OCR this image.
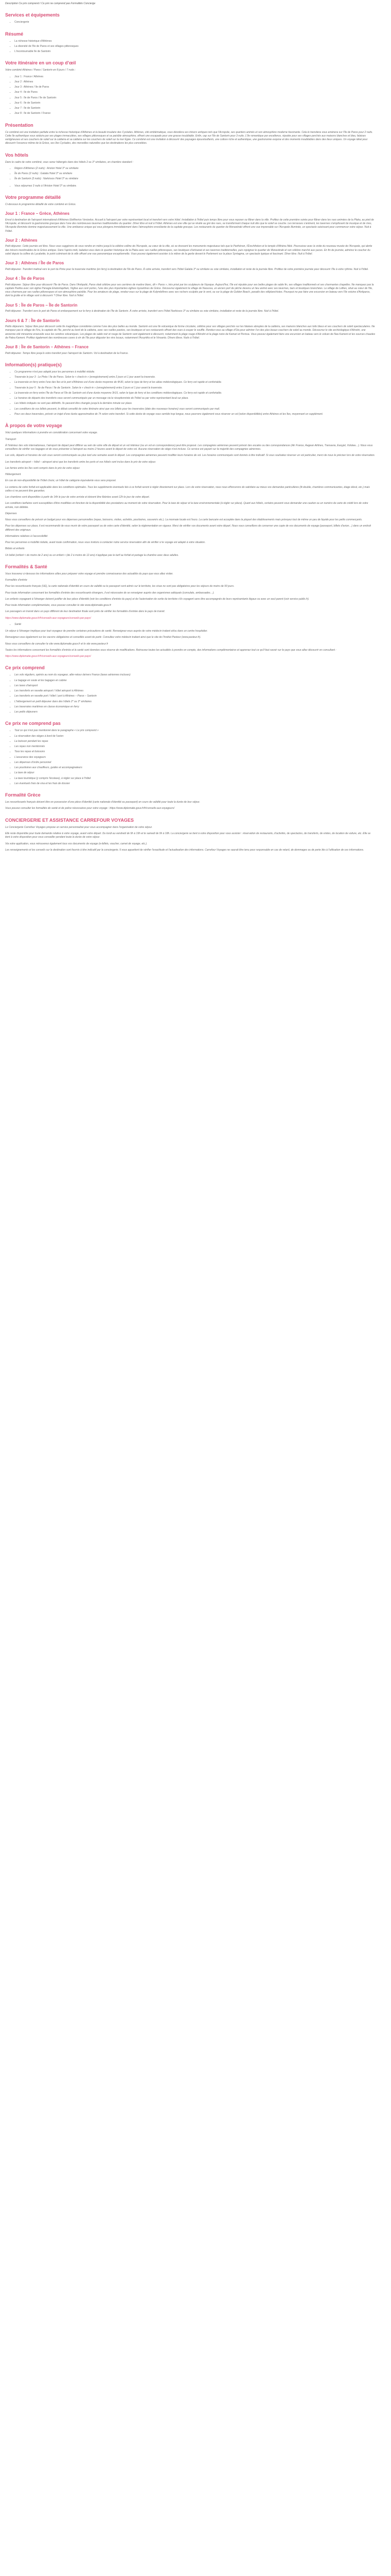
Description Ce prix comprend / Ce prix ne comprend pas Formalités Concierge

Services et équipements
• Conciergerie
Résumé
• La richesse historique d'Athènes
• La diversité de l'île de Paros et ses villages pittoresques
• L'incontournable île de Santorin
Votre itinéraire en un coup d'œil

Votre combiné Athènes / Paros / Santorin en 8 jours / 7 nuits :

• Jour 1 : France / Athènes
• Jour 2 : Athènes
• Jour 3 : Athènes / île de Paros
• Jour 4 : île de Paros
• Jour 5 : île de Paros / île de Santorin
• Jour 6 : île de Santorin
• Jour 7 : île de Santorin
• Jour 8 : île de Santorin / France
Présentation

Ce combiné est une invitation parfaite entre la richesse historique d'Athènes et la beauté insulaire des Cyclades. Athènes, cité emblématique, vous dévoilera ses trésors antiques tels que l'Acropole, ses quartiers animés et son atmosphère moderne fascinante. Cela le transitera vous amènera sur l'île de Paros pour 2 nuits. Cette île authentique vous séduira par ses plages immaculées, ses villages pittoresques et sa paisible atmosphère, offrant une escapade pour une grasse inoubliable. Enfin, cap sur l'île de Santorin pour 3 nuits. L'île romantique par excellence, réputée pour ses villages perchés aux maisons blanches et bleu, falaises vertigineuses et ses couchers de soleil sur la caldeira et sa caldeira sur les couchers de soleil sur la mer Égée. Ce combiné est une invitation à découvrir des paysages époustouflants, une culture riche et authentique, une gastronomie exquise et des moments inoubliables dans des lieux uniques. Un voyage idéal pour découvrir l'essence même de la Grèce, ses îles Cyclades, des merveilles naturelles que les destinations les plus convoitées.

Vos hôtels

Dans le cadre de votre combiné, vous serez hébergés dans des hôtels 2 ou 3* similaires, en chambre standard :

• Région d'Athènes (2 nuits) : Ariston Hotel 3* ou similaire
• Île de Paros (2 nuits) : Galatia Hotel 3* ou similaire
• Île de Santorin (3 nuits) : Narkissos Hotel 3* ou similaire
• Vous séjournez 3 nuits à l'Ariston Hotel 3* ou similaire.
Votre programme détaillé

Ci-dessous le programme détaillé de votre combiné en Grèce.

Jour 1 : France – Grèce, Athènes

Envol à destination de l'aéroport international d'Athènes Eleftherios Venizelos. Accueil à l'aéroport par votre représentant local et transfert vers votre hôtel. Installation à l'hôtel puis temps libre pour vous reposer ou flâner dans la ville. Profitez de cette première soirée pour flâner dans les rues animées de la Plaka, au pied de l'Acropole, et découvrir la gastronomie grecque dans l'une des nombreuses tavernes traditionnelles du quartier. Dîner libre et nuit à l'hôtel. Athènes est une ville qui se révèle au gré des rues, se transformant chaque nuit dès que le soleil se couche. Les terrasses s'animent, les tavernes s'emplissent de musique et de rires, l'Acropole illuminée domine majestueusement la ville. Une ambiance unique qui vous plongera immédiatement dans l'atmosphère envoûtante de la capitale grecque. Les restaurants du quartier de Monastiraki offrent une vue imprenable sur l'Acropole illuminée, un spectacle saisissant pour commencer votre séjour. Nuit à l'hôtel.

Jour 2 : Athènes

Petit déjeuner. Cette journée est libre. Nous vous suggérons de vous rendre en métro jusqu'à la célèbre colline de l'Acropole, au cœur de la ville, où se dressent les monuments majestueux tels que le Parthénon, l'Érechthéion et le temple d'Athéna Niké. Poursuivez avec la visite du nouveau musée de l'Acropole, qui abrite des trésors inestimables de la Grèce antique. Dans l'après-midi, baladez-vous dans le quartier historique de la Plaka avec ses ruelles pittoresques, ses boutiques d'artisanat et ses tavernes traditionnelles, puis rejoignez le quartier de Monastiraki et son célèbre marché aux puces. En fin de journée, admirez le coucher du soleil depuis la colline du Lycabette, le point culminant de la ville offrant une vue panoramique exceptionnelle. Vous pouvez également assister à la relève de la garde devant le Parlement sur la place Syntagma, un spectacle typique et fascinant. Dîner libre. Nuit à l'hôtel.

Jour 3 : Athènes / Île de Paros

Petit déjeuner. Transfert matinal vers le port du Pirée pour la traversée maritime (en ferry) à destination de l'île de Paros. À votre arrivée, transfert vers l'hôtel Galatia 3* ou similaire ou voie similaire, installation et reste de la journée libre. Profitez de votre première journée pour découvrir l'île à votre rythme. Nuit à l'hôtel.

Jour 4 : Île de Paros

Petit déjeuner. Séjour libre pour découvrir l'île de Paros. Dans l'Antiquité, Paros était célèbre pour ses carrières de marbre blanc, dit « Paros », très prisé par les sculpteurs de l'époque. Aujourd'hui, l'île est réputée pour ses belles plages de sable fin, ses villages traditionnels et ses charmantes chapelles. Ne manquez pas la capitale Parikia avec son église Panagia Ekatontapiliani, l'église aux cent portes, l'une des plus importantes églises byzantines de Grèce. Découvrez également le village de Naoussa, un ancien port de pêche devenu un lieu animé avec ses tavernes, bars et boutiques branchées. Le village de Lefkes, situé au cœur de l'île, vous charmera par ses ruelles pittoresques et son atmosphère paisible. Pour les amateurs de plage, rendez-vous sur la plage de Kolymbithres avec ses rochers sculptés par le vent, ou sur la plage de Golden Beach, paradis des véliplanchistes. Pourquoi ne pas faire une excursion en bateau vers l'île voisine d'Antiparos, dont la grotte et le village sont à découvrir ? Dîner libre. Nuit à l'hôtel.

Jour 5 : Île de Paros – Île de Santorin

Petit déjeuner. Transfert vers le port de Paros et embarquement sur le ferry à destination de l'île de Santorin. À votre arrivée, transfert vers l'hôtel Narkissos 3* ou similaire ou voie similaire, installation et reste de la journée libre. Nuit à l'hôtel.

Jours 6 & 7 : Île de Santorin

Petits déjeuners. Séjour libre pour découvrir cette île magnifique considérée comme l'une des plus belles au monde. Santorin est une île volcanique de forme circulaire, célèbre pour ses villages perchés sur les falaises abruptes de la caldeira, ses maisons blanches aux toits bleus et ses couchers de soleil spectaculaires. Ne manquez pas le village de Fira, la capitale de l'île, perché au bord de la caldeira, avec ses ruelles pavées, ses boutiques et ses restaurants offrant des vues à couper le souffle. Rendez-vous au village d'Oia pour admirer l'un des plus beaux couchers de soleil au monde. Découvrez le site archéologique d'Akrotiri, une ancienne cité minoenne ensevelie sous les cendres volcaniques. Les plages de sable noir et rouge de Santorin sont également à découvrir, notamment la plage rouge d'Akrotiri et la plage noire de Kamari et Perissa. Vous pouvez également faire une excursion en bateau vers le volcan de Nea Kameni et les sources chaudes de Palea Kameni. Profitez également des nombreuses caves à vin de l'île pour déguster les vins locaux, notamment l'Assyrtiko et le Vinsanto. Dîners libres. Nuits à l'hôtel.

Jour 8 : Île de Santorin – Athènes – France

Petit déjeuner. Temps libre jusqu'à votre transfert pour l'aéroport de Santorin. Vol à destination de la France.

Information(s) pratique(s)
• Ce programme n'est pas adapté pour les personnes à mobilité réduite.
• Traversée le jour 3 : Le Pirée / île de Paros. Selon le « check-in » (enregistrement) entre 2 jours et 1 jour avant la traversée.
• La traversée en ferry entre l'une des îles et le port d'Athènes est d'une durée moyenne de 4h30, selon le type de ferry et les aléas météorologiques. Ce ferry est rapide et confortable.
• Traversée le jour 5 : île de Paros / île de Santorin. Selon le « check-in » (enregistrement) entre 2 jours et 1 jour avant la traversée.
• La traversée en ferry entre l'île de Paros et l'île de Santorin est d'une durée moyenne 3h15, selon le type de ferry et les conditions météorologiques. Ce ferry est rapide et confortable.
• Le horaires de départs des transferts vous seront communiqués par un message via le réceptionniste de l'hôtel ou par votre représentant local sur place.
• Les hôtels indiqués ne sont pas définitifs. Ils peuvent être changés jusqu'à la dernière minute sur place.
• Les conditions de vos billets peuvent, le débat conseillé de votre itinéraire ainsi que vos billets pour les traversées (date des nouveaux horaires) vous seront communiqués par mail.
• Pour ces deux traversées, prévoir un trajet d'une durée approximative de 7h selon votre transfert. Si cette durée de voyage vous semble trop longue, nous pourrons également vous réserver un vol (selon disponibilités) entre Athènes et les îles, moyennant un supplément.
À propos de votre voyage

Voici quelques informations à prendre en considération concernant votre voyage.

Transport

À l'intérieur des vols internationaux, l'aéroport de départ peut différer au sein de votre ville de départ et un vol intérieur (ou un vol en correspondance) peut être proposé. Les compagnies aériennes peuvent prévoir des escales ou des correspondances (Air France, Aegean Airlines, Transavia, Easyjet, Volotea…). Nous vous conseillons de vérifier vos bagages et de vous présenter à l'aéroport au moins 2 heures avant le départ de votre vol. Aucune réservation de siège n'est incluse. Ce service est payant sur la majorité des compagnies aériennes.

Les vols, départs et horaires de vols vous seront communiqués au plus tard une semaine avant le départ. Les compagnies aériennes peuvent modifier leurs horaires de vol. Les horaires communiqués sont donnés à titre indicatif. Si vous souhaitez réserver un vol particulier, merci de nous le préciser lors de votre réservation.

Les transferts aéroport – hôtel – aéroport ainsi que les transferts entre les ports et vos hôtels sont inclus dans le prix de votre séjour.

Les ferries entre les îles sont compris dans le prix de votre séjour.

Hébergement

En cas de non-disponibilité de l'hôtel choisi, un hôtel de catégorie équivalente vous sera proposé.

Le contenu de votre forfait est applicable dans les conditions optimales. Tous les suppléments éventuels liés à ce forfait seront à régler directement sur place. Lors de votre réservation, nous nous efforcerons de satisfaire au mieux vos demandes particulières (lit double, chambres communicantes, étage élevé, etc.) mais celles-ci ne peuvent être garanties.

Les chambres sont disponibles à partir de 14h le jour de votre arrivée et doivent être libérées avant 12h le jour de votre départ.

Les conditions tarifaires sont susceptibles d'être modifiées en fonction de la disponibilité des prestations au moment de votre réservation. Pour la taxe de séjour et la taxe environnementale (à régler sur place). Quant aux hôtels, certains peuvent vous demander une caution ou un numéro de carte de crédit lors de votre arrivée, non débitée.

Dépenses

Nous vous conseillons de prévoir un budget pour vos dépenses personnelles (repas, boissons, visites, activités, pourboires, souvenirs etc.). La monnaie locale est l'euro. La carte bancaire est acceptée dans la plupart des établissements mais prévoyez tout de même un peu de liquide pour les petits commerçants.

Pour les dépenses sur place, il est recommandé de vous munir de votre passeport ou de votre carte d'identité, selon la réglementation en vigueur. Merci de vérifier vos documents avant votre départ. Nous vous conseillons de conserver une copie de vos documents de voyage (passeport, billets d'avion…) dans un endroit différent des originaux.

Informations relatives à l'accessibilité

Pour les personnes à mobilité réduite, avant toute confirmation, nous vous invitons à contacter notre service réservation afin de vérifier si le voyage est adapté à votre situation.

Bébés et enfants

Un bébé (enfant < de moins de 2 ans) ou un enfant « (de 2 à moins de 12 ans) n'applique pas le tarif au forfait et partage la chambre avec deux adultes.

Formalités & Santé

Vous trouverez ci-dessous les informations utiles pour préparer votre voyage et prendre connaissance des actualités du pays que vous allez visiter.

Formalités d'entrée

Pour les ressortissants français (UE), la carte nationale d'identité en cours de validité ou le passeport sont admis sur le territoire, les visas ne sont pas obligatoires pour les séjours de moins de 90 jours.

Pour toute information concernant les formalités d'entrée des ressortissants étrangers, il est nécessaire de se renseigner auprès des organismes adéquats (consulats, ambassades…).

Les enfants voyageant à l'étranger doivent justifier de leur pièce d'identité (voir les conditions d'entrée du pays) et de l'autorisation de sortie du territoire s'ils voyagent sans être accompagnés de leurs représentants légaux ou avec un seul parent (voir service public.fr).

Pour toute information complémentaire, vous pouvez consulter le site www.diplomatie.gouv.fr

Les passagers en transit dans un pays différent de leur destination finale sont priés de vérifier les formalités d'entrée dans le pays de transit.

https://www.diplomatie.gouv.fr/fr/conseils-aux-voyageurs/conseils-par-pays/

• Santé

Un séjour à l'étranger implique pour tout voyageur de prendre certaines précautions de santé. Renseignez-vous auprès de votre médecin traitant et/ou dans un centre hospitalier.

Renseignez-vous également sur les vaccins obligatoires et conseillés avant de partir. Consultez votre médecin traitant ainsi que le site de l'Institut Pasteur (www.pasteur.fr).

Nous vous conseillons de consulter le site www.diplomatie.gouv.fr et le site www.pasteur.fr

Toutes les informations concernant les formalités d'entrée et la santé sont données sous réserve de modifications. Retrouvez toutes les actualités à prendre en compte, des informations complémentaires et apprenez tout ce qu'il faut savoir sur le pays que vous allez découvrir en consultant :

https://www.diplomatie.gouv.fr/fr/conseils-aux-voyageurs/conseils-par-pays/

Ce prix comprend
• Les vols réguliers, opérés au nom du voyageur, aller-retour de/vers France (taxes aériennes incluses)
• Le bagage en soute et les bagages en cabine
• Les taxes d'aéroport
• Les transferts en navette aéroport / hôtel aéroport à Athènes
• Les transferts en navette port / hôtel / port à Athènes – Paros – Santorin
• L'hébergement en petit déjeuner dans des hôtels 2* ou 3* similaires
• Les traversées maritimes en classe économique en ferry
• Les petits déjeuners
Ce prix ne comprend pas
• Tout ce qui n'est pas mentionné dans le paragraphe « Le prix comprend »
• La réservation des sièges à bord de l'avion
• La boisson pendant les repas
• Les repas non mentionnés
• Tous les repas et boissons
• L'assurance des voyageurs
• Les dépenses d'ordre personnel
• Les pourboires aux chauffeurs, guides et accompagnateurs
• La taxe de séjour
• La taxe touristique (y compris l'écotaxe), à régler sur place à l'hôtel
• Les éventuels frais de visa et les frais de dossier
Formalité Grèce

Les ressortissants français doivent être en possession d'une pièce d'identité (carte nationale d'identité ou passeport) en cours de validité pour toute la durée de leur séjour.

Vous pouvez consulter les formalités de santé et de police nécessaires pour votre voyage : https://www.diplomatie.gouv.fr/fr/conseils-aux-voyageurs/

CONCIERGERIE ET ASSISTANCE CARREFOUR VOYAGES

Le Conciergerie Carrefour Voyages propose un service personnalisé pour vous accompagner dans l'organisation de votre séjour.

Elle reste disponible pour toute demande relative à votre voyage, avant votre départ. Du lundi au vendredi de 9h à 19h et le samedi de 9h à 18h. La conciergerie se tient à votre disposition pour vous assister : réservation de restaurants, d'activités, de spectacles, de transferts, de visites, de location de voiture, etc. Elle se tient à votre disposition pour vous conseiller pendant toute la durée de votre séjour.

Via votre application, vous retrouverez également tous vos documents de voyage (e-billets, voucher, carnet de voyage, etc.).

Les renseignements et les conseils sur la destination sont fournis à titre indicatif par la conciergerie. Il vous appartient de vérifier l'exactitude et l'actualisation des informations. Carrefour Voyages ne saurait être tenu pour responsable en cas de retard, de dommages ou de perte liés à l'utilisation de ces informations.
